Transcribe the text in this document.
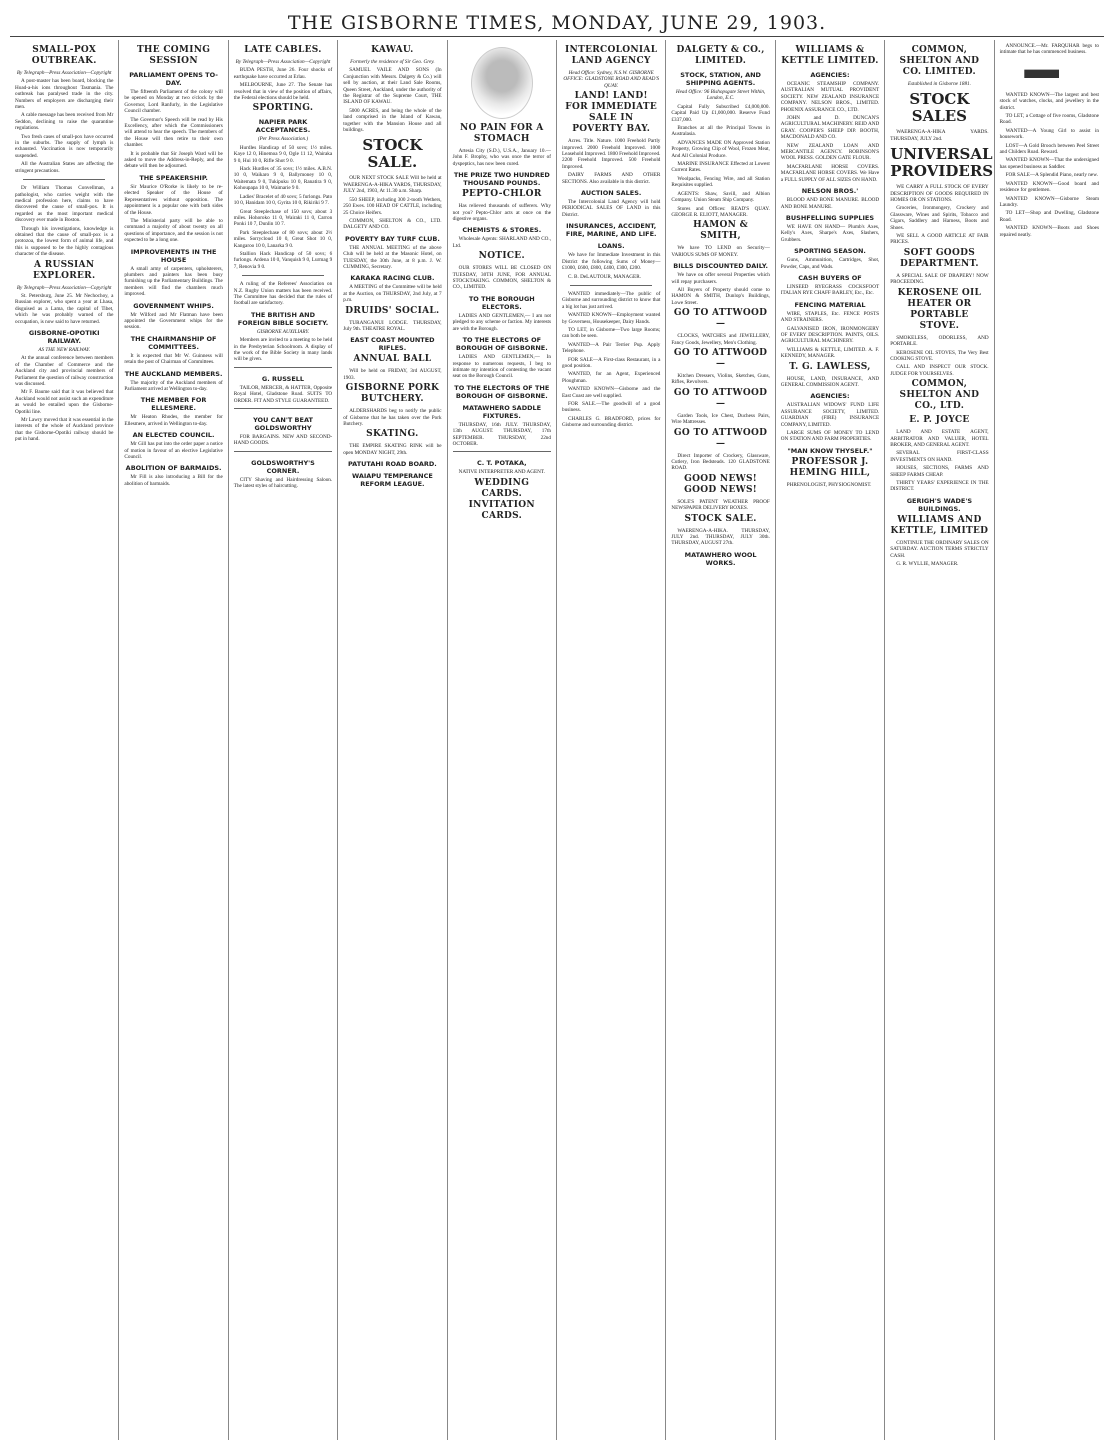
THE GISBORNE TIMES, MONDAY, JUNE 29, 1903.
SMALL-POX OUTBREAK.
By Telegraph—Press Association—Copyright

A post-master has been board, blocking the Hoad-a-his ions throughout Tasmania. The outbreak has paralysed trade in the city. Numbers of employers are discharging their men.

A cable message has been received from Mr Seddon, declining to raise the quarantine regulations.

Two fresh cases of small-pox have occurred in the suburbs. The supply of lymph is exhausted. Vaccination is now temporarily suspended.

All the Australian States are affecting the stringent precautions.

Dr William Thomas Convellman, a pathologist, who carries weight with the medical profession here, claims to have discovered the cause of small-pox. It is regarded as the most important medical discovery ever made in Boston.

Through his investigations, knowledge is obtained that the cause of small-pox is a protozoa, the lowest form of animal life, and this is supposed to be the highly contagious character of the disease.

A RUSSIAN EXPLORER.
By Telegraph—Press Association—Copyright

St. Petersburg, June 25. Mr Nechochoy, a Russian explorer, who spent a year at Lhasa, disguised as a Lama, the capital of Tibet, which he was probably warned of the occupation, is now said to have returned.

GISBORNE-OPOTIKI RAILWAY.
AS THE NEW RAILWAY.

At the annual conference between members of the Chamber of Commerce and the Auckland city and provincial members of Parliament the question of railway construction was discussed.

Mr F. Baume said that it was believed that Auckland would not assist such an expenditure as would be entailed upon the Gisborne-Opotiki line.

Mr Lawry moved that it was essential in the interests of the whole of Auckland province that the Gisborne-Opotiki railway should be put in hand.

THE COMING SESSION
PARLIAMENT OPENS TO-DAY.

The fifteenth Parliament of the colony will be opened on Monday at two o'clock by the Governor, Lord Ranfurly, in the Legislative Council chamber.

The Governor's Speech will be read by His Excellency, after which the Commissioners will attend to hear the speech. The members of the House will then retire to their own chamber.

It is probable that Sir Joseph Ward will be asked to move the Address-in-Reply, and the debate will then be adjourned.

THE SPEAKERSHIP.

Sir Maurice O'Rorke is likely to be re-elected Speaker of the House of Representatives without opposition. The appointment is a popular one with both sides of the House.

The Ministerial party will be able to command a majority of about twenty on all questions of importance, and the session is not expected to be a long one.

IMPROVEMENTS IN THE HOUSE

A small army of carpenters, upholsterers, plumbers and painters has been busy furnishing up the Parliamentary Buildings. The members will find the chambers much improved.

GOVERNMENT WHIPS.

Mr Wilford and Mr Flatman have been appointed the Government whips for the session.

THE CHAIRMANSHIP OF COMMITTEES.

It is expected that Mr W. Guinness will retain the post of Chairman of Committees.

THE AUCKLAND MEMBERS.

The majority of the Auckland members of Parliament arrived at Wellington to-day.

THE MEMBER FOR ELLESMERE.

Mr Heaton Rhodes, the member for Ellesmere, arrived in Wellington to-day.

AN ELECTED COUNCIL.

Mr Gill has put into the order paper a notice of motion in favour of an elective Legislative Council.

ABOLITION OF BARMAIDS.

Mr Fill is also introducing a Bill for the abolition of barmaids.

LATE CABLES.
By Telegraph—Press Association—Copyright

BUDA PESTH, June 26. Four shocks of earthquake have occurred at Erlau.

MELBOURNE, June 27. The Senate has resolved that in view of the position of affairs, the Federal elections should be held.

SPORTING.
NAPIER PARK ACCEPTANCES.
(Per Press Association.)

Hurdles Handicap of 50 sovs; 1½ miles. Kaye 12 0, Hinemoa 9 0, Ogle 11 12, Wairaka 9 0, Hui 10 0, Rifle Shot 9 0.

Hack Hurdles of 35 sovs; 1½ miles. A.B.N. 10 0, Waikaro 9 0, Ballymoney 10 0, Waitemata 9 0, Tukipuku 10 0, Ranatira 9 0, Kohoupapa 10 0, Waimarie 9 0.

Ladies' Bracelet of 40 sovs; 5 furlongs. Pato 10 0, Hanidam 10 0, Gyrita 10 0, Rikiriki 9 7.

Great Steeplechase of 150 sovs; about 3 miles. Hohoroko 11 0, Wairaki 11 0, Carron Ponki 10 7, Dunlin 10 7.

Park Steeplechase of 80 sovs; about 2½ miles. Sorrycloud 10 0, Great Shot 10 0, Kangaroo 10 0, Lanarka 9 0.

Stallion Hack Handicap of 50 sovs; 6 furlongs. Ardena 10 0, Vanquish 9 0, Lurmag 9 7, Renovia 9 0.

A ruling of the Referees' Association on N.Z. Rugby Union matters has been received. The Committee has decided that the rules of football are satisfactory.

THE BRITISH AND FOREIGN BIBLE SOCIETY.
GISBORNE AUXILIARY.

Members are invited to a meeting to be held in the Presbyterian Schoolroom. A display of the work of the Bible Society in many lands will be given.

G. RUSSELL

TAILOR, MERCER, & HATTER, Opposite Royal Hotel, Gladstone Road. SUITS TO ORDER. FIT AND STYLE GUARANTEED.

YOU CAN'T BEAT GOLDSWORTHY

FOR BARGAINS. NEW AND SECOND-HAND GOODS.

GOLDSWORTHY'S CORNER.

CITY Shaving and Hairdressing Saloon. The latest styles of haircutting.

KAWAU.
Formerly the residence of Sir Geo. Grey.

SAMUEL VAILE AND SONS (In Conjunction with Messrs. Dalgety & Co.) will sell by auction, at their Land Sale Rooms, Queen Street, Auckland, under the authority of the Registrar of the Supreme Court, THE ISLAND OF KAWAU.

5000 ACRES, and being the whole of the land comprised in the Island of Kawau, together with the Mansion House and all buildings.

STOCK SALE.

OUR NEXT STOCK SALE Will be held at WAERENGA-A-HIKA YARDS, THURSDAY, JULY 2nd, 1903, At 11.30 a.m. Sharp.

550 SHEEP, including 300 2-tooth Wethers, 250 Ewes. 100 HEAD OF CATTLE, including 25 Choice Heifers.

COMMON, SHELTON & CO., LTD. DALGETY AND CO.

POVERTY BAY TURF CLUB.

THE ANNUAL MEETING of the above Club will be held at the Masonic Hotel, on TUESDAY, the 30th June, at 8 p.m. J. W. CUMMING, Secretary.

KARAKA RACING CLUB.

A MEETING of the Committee will be held at the Auction, on THURSDAY, 2nd July, at 7 p.m.

DRUIDS' SOCIAL.

TURANGANUI LODGE. THURSDAY, July 9th. THEATRE ROYAL.

EAST COAST MOUNTED RIFLES.
ANNUAL BALL

Will be held on FRIDAY, 3rd AUGUST, 1903.

GISBORNE PORK BUTCHERY.

ALDERSHARDS beg to notify the public of Gisborne that he has taken over the Pork Butchery.

SKATING.

THE EMPIRE SKATING RINK will be open MONDAY NIGHT, 29th.

PATUTAHI ROAD BOARD.
WAIAPU TEMPERANCE REFORM LEAGUE.
NO PAIN FOR A STOMACH

Artesia City (S.D.), U.S.A., January 10.—John F. Brophy, who was once the terror of dyspeptics, has now been cured.

THE PRIZE TWO HUNDRED THOUSAND POUNDS.
PEPTO-CHLOR

Has relieved thousands of sufferers. Why not you? Pepto-Chlor acts at once on the digestive organs.

CHEMISTS & STORES.

Wholesale Agents: SHARLAND AND CO., Ltd.

NOTICE.

OUR STORES WILL BE CLOSED ON TUESDAY, 30TH JUNE, FOR ANNUAL STOCKTAKING. COMMON, SHELTON & CO., LIMITED.

TO THE BOROUGH ELECTORS.

LADIES AND GENTLEMEN,— I am not pledged to any scheme or faction. My interests are with the Borough.

TO THE ELECTORS OF BOROUGH OF GISBORNE.

LADIES AND GENTLEMEN,— In response to numerous requests, I beg to intimate my intention of contesting the vacant seat on the Borough Council.

TO THE ELECTORS OF THE BOROUGH OF GISBORNE.
MATAWHERO SADDLE FIXTURES.

THURSDAY, 16th JULY. THURSDAY, 13th AUGUST. THURSDAY, 17th SEPTEMBER. THURSDAY, 22nd OCTOBER.

C. T. POTAKA,

NATIVE INTERPRETER AND AGENT.

WEDDING CARDS. INVITATION CARDS.
INTERCOLONIAL LAND AGENCY
Head Office: Sydney, N.S.W. GISBORNE OFFICE: GLADSTONE ROAD AND READ'S QUAY.
LAND! LAND! FOR IMMEDIATE SALE IN POVERTY BAY.

Acres. Title. Nature. 1000 Freehold Partly improved. 2000 Freehold Improved. 1000 Leasehold Improved. 1800 Freehold Improved. 2200 Freehold Improved. 500 Freehold Improved.

DAIRY FARMS AND OTHER SECTIONS. Also available in this district.

AUCTION SALES.

The Intercolonial Land Agency will hold PERIODICAL SALES OF LAND in this District.

INSURANCES, ACCIDENT, FIRE, MARINE, AND LIFE.
LOANS.

We have for Immediate Investment in this District the following Sums of Money—£1000, £600, £800, £400, £300, £200.

C. B. DeLAUTOUR, MANAGER.

WANTED immediately—The public of Gisborne and surrounding district to know that a big lot has just arrived.

WANTED KNOWN—Employment wanted by Governess, Housekeeper, Dairy Hands.

TO LET, in Gisborne—Two large Rooms; can both be seen.

WANTED—A Pair Terrier Pup. Apply Telephone.

FOR SALE—A First-class Restaurant, in a good position.

WANTED, for an Agent, Experienced Ploughman.

WANTED KNOWN—Gisborne and the East Coast are well supplied.

FOR SALE.—The goodwill of a good business.

CHARLES G. BRADFORD, prices for Gisborne and surrounding district.

DALGETY & CO., LIMITED.
STOCK, STATION, AND SHIPPING AGENTS.
Head Office: 96 Bishopsgate Street Within, London, E.C.

Capital Fully Subscribed £4,000,000. Capital Paid Up £1,000,000. Reserve Fund £337,000.

Branches at all the Principal Towns in Australasia.

ADVANCES MADE ON Approved Station Property, Growing Clip of Wool, Frozen Meat, And All Colonial Produce.

MARINE INSURANCE Effected at Lowest Current Rates.

Woolpacks, Fencing Wire, and all Station Requisites supplied.

AGENTS: Shaw, Savill, and Albion Company. Union Steam Ship Company.

Stores and Offices: READ'S QUAY. GEORGE R. ELIOTT, MANAGER.

HAMON & SMITH,

We have TO LEND on Security— VARIOUS SUMS OF MONEY.

BILLS DISCOUNTED DAILY.

We have on offer several Properties which will repay purchasers.

All Buyers of Property should come to HAMON & SMITH, Dunlop's Buildings, Lowe Street.

GO TO ATTWOOD—

CLOCKS, WATCHES and JEWELLERY, Fancy Goods, Jewellery, Men's Clothing.

GO TO ATTWOOD—

Kitchen Dressers, Violins, Sketches, Guns, Rifles, Revolvers.

GO TO ATTWOOD—

Garden Tools, Ice Chest, Duchess Pairs, Wire Mattresses.

GO TO ATTWOOD—

Direct Importer of Crockery, Glassware, Cutlery, Iron Bedsteads. 120 GLADSTONE ROAD.

GOOD NEWS! GOOD NEWS!

SOLE'S PATENT WEATHER PROOF NEWSPAPER DELIVERY BOXES.

STOCK SALE.

WAERENGA-A-HIKA. THURSDAY, JULY 2nd. THURSDAY, JULY 30th. THURSDAY, AUGUST 27th.

MATAWHERO WOOL WORKS.
WILLIAMS & KETTLE LIMITED.
AGENCIES:

OCEANIC STEAMSHIP COMPANY. AUSTRALIAN MUTUAL PROVIDENT SOCIETY. NEW ZEALAND INSURANCE COMPANY. NELSON BROS., LIMITED. PHOENIX ASSURANCE CO., LTD.

JOHN and D. DUNCAN'S AGRICULTURAL MACHINERY. REID AND GRAY. COOPER'S SHEEP DIP. BOOTH, MACDONALD AND CO.

NEW ZEALAND LOAN AND MERCANTILE AGENCY. ROBINSON'S WOOL PRESS. GOLDEN GATE FLOUR.

MACFARLANE HORSE COVERS. MACFARLANE HORSE COVERS. We Have a FULL SUPPLY OF ALL SIZES ON HAND.

NELSON BROS.'

BLOOD AND BONE MANURE. BLOOD AND BONE MANURE.

BUSHFELLING SUPPLIES

WE HAVE ON HAND— Plumb's Axes, Kelly's Axes, Sharpe's Axes, Slashers, Grubbers.

SPORTING SEASON.

Guns, Ammunition, Cartridges, Shot, Powder, Caps, and Wads.

CASH BUYERS OF

LINSEED RYEGRASS COCKSFOOT ITALIAN RYE CHAFF BARLEY, Etc., Etc.

FENCING MATERIAL

WIRE, STAPLES, Etc. FENCE POSTS AND STRAINERS.

GALVANISED IRON, IRONMONGERY OF EVERY DESCRIPTION. PAINTS, OILS. AGRICULTURAL MACHINERY.

WILLIAMS & KETTLE, LIMITED. A. F. KENNEDY, MANAGER.

T. G. LAWLESS,

HOUSE, LAND, INSURANCE, AND GENERAL COMMISSION AGENT.

AGENCIES:

AUSTRALIAN WIDOWS' FUND LIFE ASSURANCE SOCIETY, LIMITED. GUARDIAN (FIRE) INSURANCE COMPANY, LIMITED.

LARGE SUMS OF MONEY TO LEND ON STATION AND FARM PROPERTIES.

"MAN KNOW THYSELF."
PROFESSOR J. HEMING HILL,

PHRENOLOGIST, PHYSIOGNOMIST.

COMMON, SHELTON AND CO. LIMITED.
Established in Gisborne 1881.
STOCK SALES

WAERENGA-A-HIKA YARDS. THURSDAY, JULY 2nd.

UNIVERSAL PROVIDERS

WE CARRY A FULL STOCK OF EVERY DESCRIPTION OF GOODS REQUIRED IN HOMES OR ON STATIONS.

Groceries, Ironmongery, Crockery and Glassware, Wines and Spirits, Tobacco and Cigars, Saddlery and Harness, Boots and Shoes.

WE SELL A GOOD ARTICLE AT FAIR PRICES.

SOFT GOODS DEPARTMENT.

A SPECIAL SALE OF DRAPERY! NOW PROCEEDING.

KEROSENE OIL HEATER OR PORTABLE STOVE.

SMOKELESS, ODORLESS, AND PORTABLE.

KEROSENE OIL STOVES, The Very Best COOKING STOVE.

CALL AND INSPECT OUR STOCK. JUDGE FOR YOURSELVES.

COMMON, SHELTON AND CO., LTD.
E. P. JOYCE

LAND AND ESTATE AGENT, ARBITRATOR AND VALUER, HOTEL BROKER, AND GENERAL AGENT.

SEVERAL FIRST-CLASS INVESTMENTS ON HAND.

HOUSES, SECTIONS, FARMS AND SHEEP FARMS CHEAP.

THIRTY YEARS' EXPERIENCE IN THE DISTRICT.

GERIGH'S WADE'S BUILDINGS.
WILLIAMS AND KETTLE, LIMITED

CONTINUE THE ORDINARY SALES ON SATURDAY. AUCTION TERMS STRICTLY CASH.

G. R. WYLLIE, MANAGER.

ANNOUNCE.—Mr. FARQUHAR begs to intimate that he has commenced business.

WANTED KNOWN—The largest and best stock of watches, clocks, and jewellery in the district.

TO LET, a Cottage of five rooms, Gladstone Road.

WANTED—A Young Girl to assist in housework.

LOST—A Gold Brooch between Peel Street and Childers Road. Reward.

WANTED KNOWN—That the undersigned has opened business as Saddler.

FOR SALE—A Splendid Piano, nearly new.

WANTED KNOWN—Good board and residence for gentlemen.

WANTED KNOWN—Gisborne Steam Laundry.

TO LET—Shop and Dwelling, Gladstone Road.

WANTED KNOWN—Boots and Shoes repaired neatly.
